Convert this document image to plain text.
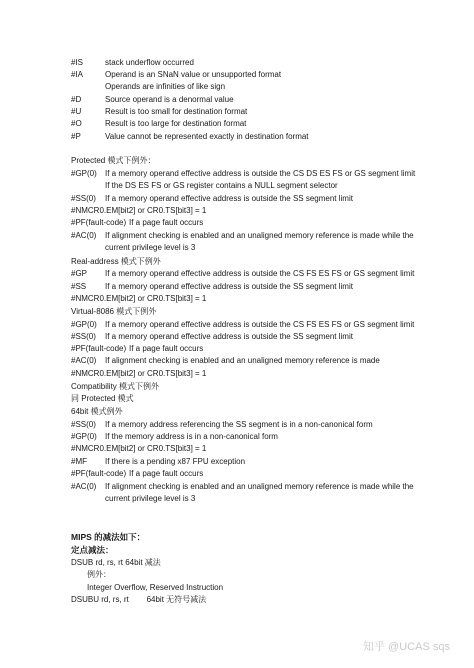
#IS	stack underflow occurred
#IA	Operand is an SNaN value or unsupported format
Operands are infinities of like sign
#D	Source operand is a denormal value
#U	Result is too small for destination format
#O	Result is too large for destination format
#P	Value cannot be represented exactly in destination format
Protected 模式下例外：
#GP(0) If a memory operand effective address is outside the CS DS ES FS or GS segment limit
If the DS ES FS or GS register contains a NULL segment selector
#SS(0) If a memory operand effective address is outside the SS segment limit
#NMCR0.EM[bit2] or CR0.TS[bit3] = 1
#PF(fault-code) If a page fault occurs
#AC(0) If alignment checking is enabled and an unaligned memory reference is made while the
current privilege level is 3
Real-address 模式下例外
#GP If a memory operand effective address is outside the CS FS ES FS or GS segment limit
#SS If a memory operand effective address is outside the SS segment limit
#NMCR0.EM[bit2] or CR0.TS[bit3] = 1
Virtual-8086 模式下例外
#GP(0) If a memory operand effective address is outside the CS FS ES FS or GS segment limit
#SS(0) If a memory operand effective address is outside the SS segment limit
#PF(fault-code) If a page fault occurs
#AC(0) If alignment checking is enabled and an unaligned memory reference is made
#NMCR0.EM[bit2] or CR0.TS[bit3] = 1
Compatibility 模式下例外
同 Protected 模式
64bit 模式例外
#SS(0) If a memory address referencing the SS segment is in a non-canonical form
#GP(0) If the memory address is in a non-canonical form
#NMCR0.EM[bit2] or CR0.TS[bit3] = 1
#MF If there is a pending x87 FPU exception
#PF(fault-code) If a page fault occurs
#AC(0) If alignment checking is enabled and an unaligned memory reference is made while the
current privilege level is 3
MIPS 的减法如下：
定点减法：
DSUB rd, rs, rt 64bit 减法
例外：
Integer Overflow, Reserved Instruction
DSUBU rd, rs, rt        64bit 无符号减法
知乎 @UCAS sqs
